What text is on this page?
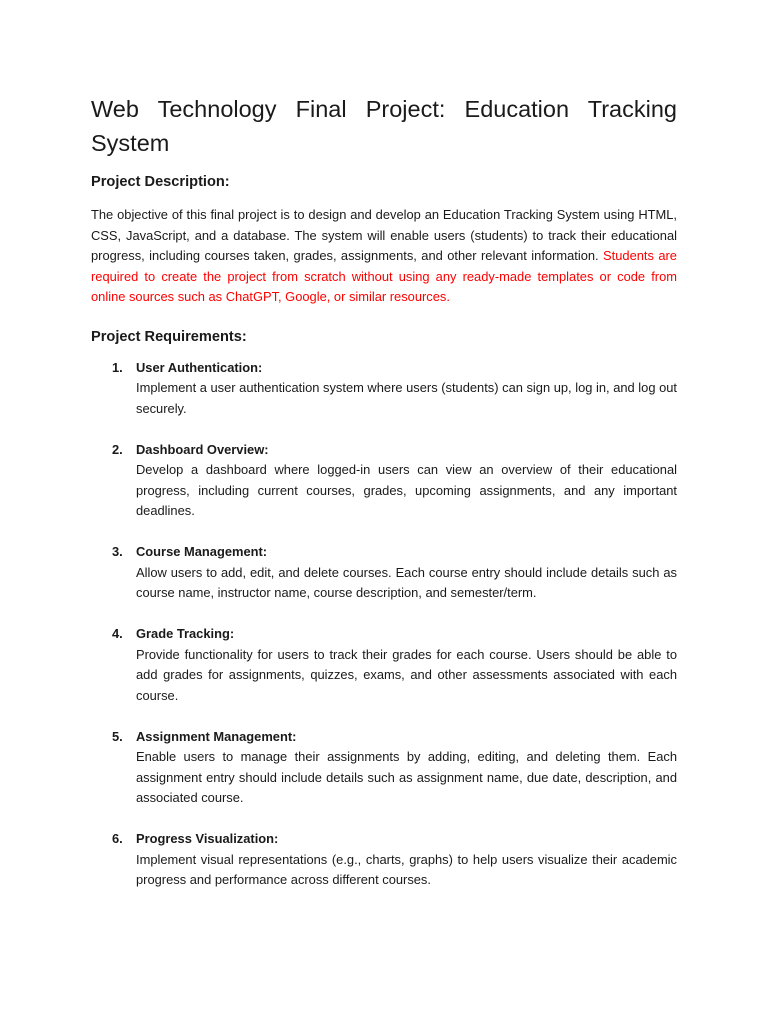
Web Technology Final Project: Education Tracking System
Project Description:

The objective of this final project is to design and develop an Education Tracking System using HTML, CSS, JavaScript, and a database. The system will enable users (students) to track their educational progress, including courses taken, grades, assignments, and other relevant information. Students are required to create the project from scratch without using any ready-made templates or code from online sources such as ChatGPT, Google, or similar resources.

Project Requirements:
1. User Authentication:
Implement a user authentication system where users (students) can sign up, log in, and log out securely.
2. Dashboard Overview:
Develop a dashboard where logged-in users can view an overview of their educational progress, including current courses, grades, upcoming assignments, and any important deadlines.
3. Course Management:
Allow users to add, edit, and delete courses. Each course entry should include details such as course name, instructor name, course description, and semester/term.
4. Grade Tracking:
Provide functionality for users to track their grades for each course. Users should be able to add grades for assignments, quizzes, exams, and other assessments associated with each course.
5. Assignment Management:
Enable users to manage their assignments by adding, editing, and deleting them. Each assignment entry should include details such as assignment name, due date, description, and associated course.
6. Progress Visualization:
Implement visual representations (e.g., charts, graphs) to help users visualize their academic progress and performance across different courses.
